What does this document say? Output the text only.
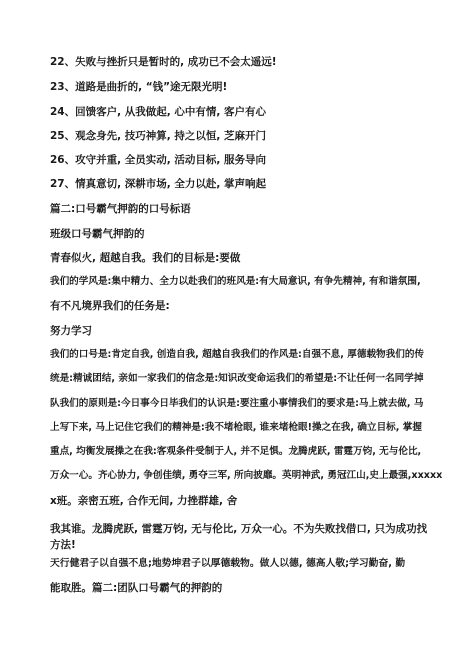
22、失败与挫折只是暂时的, 成功已不会太遥远!
23、道路是曲折的, “钱”途无限光明!
24、回馈客户, 从我做起, 心中有情, 客户有心
25、观念身先, 技巧神算, 持之以恒, 芝麻开门
26、攻守并重, 全员实动, 活动目标, 服务导向
27、情真意切, 深耕市场, 全力以赴, 掌声响起
篇二:口号霸气押韵的口号标语
班级口号霸气押韵的
青春似火, 超越自我。我们的目标是:要做
我们的学风是:集中精力、全力以赴我们的班风是:有大局意识, 有争先精神, 有和谐氛围,
有不凡境界我们的任务是:
努力学习
我们的口号是:肯定自我, 创造自我, 超越自我我们的作风是:自强不息, 厚德载物我们的传
统是:精诚团结, 亲如一家我们的信念是:知识改变命运我们的希望是:不让任何一名同学掉
队我们的原则是:今日事今日毕我们的认识是:要注重小事情我们的要求是:马上就去做, 马
上写下来, 马上记住它我们的精神是:我不堵枪眼, 谁来堵枪眼!操之在我, 确立目标, 掌握
重点, 均衡发展操之在我:客观条件受制于人, 并不足惧。龙腾虎跃, 雷霆万钧, 无与伦比,
万众一心。齐心协力, 争创佳绩, 勇夺三军, 所向披靡。英明神武, 勇冠江山,史上最强,xxxxx
x班。亲密五班, 合作无间, 力挫群雄, 舍
我其谁。龙腾虎跃, 雷霆万钧, 无与伦比, 万众一心。不为失败找借口, 只为成功找
方法!
天行健君子以自强不息;地势坤君子以厚德载物。做人以德, 德高人敬;学习勤奋, 勤
能取胜。篇二:团队口号霸气的押韵的
